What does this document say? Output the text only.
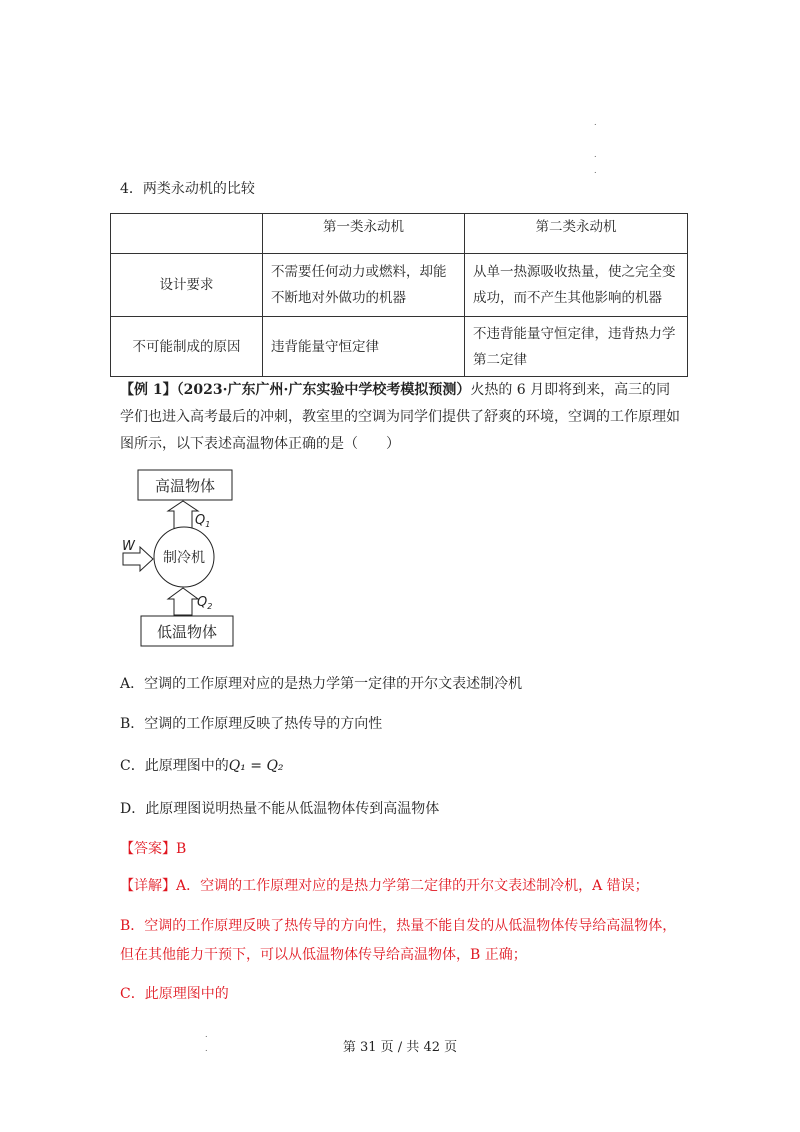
.
.
.
4．两类永动机的比较
	第一类永动机	第二类永动机
设计要求	不需要任何动力或燃料，却能不断地对外做功的机器	从单一热源吸收热量，使之完全变成功，而不产生其他影响的机器
不可能制成的原因	违背能量守恒定律	不违背能量守恒定律，违背热力学第二定律
【例 1】（2023·广东广州·广东实验中学校考模拟预测）火热的 6 月即将到来，高三的同学们也进入高考最后的冲刺，教室里的空调为同学们提供了舒爽的环境，空调的工作原理如图所示，以下表述高温物体正确的是（　　）
高温物体
$Q_1$
制冷机
W
$Q_2$
低温物体
A．空调的工作原理对应的是热力学第一定律的开尔文表述制冷机
B．空调的工作原理反映了热传导的方向性
C．此原理图中的Q₁ = Q₂
D．此原理图说明热量不能从低温物体传到高温物体
【答案】B
【详解】A．空调的工作原理对应的是热力学第二定律的开尔文表述制冷机，A 错误；
B．空调的工作原理反映了热传导的方向性，热量不能自发的从低温物体传导给高温物体，但在其他能力干预下，可以从低温物体传导给高温物体，B 正确；
C．此原理图中的
.
.	第 31 页 / 共 42 页
